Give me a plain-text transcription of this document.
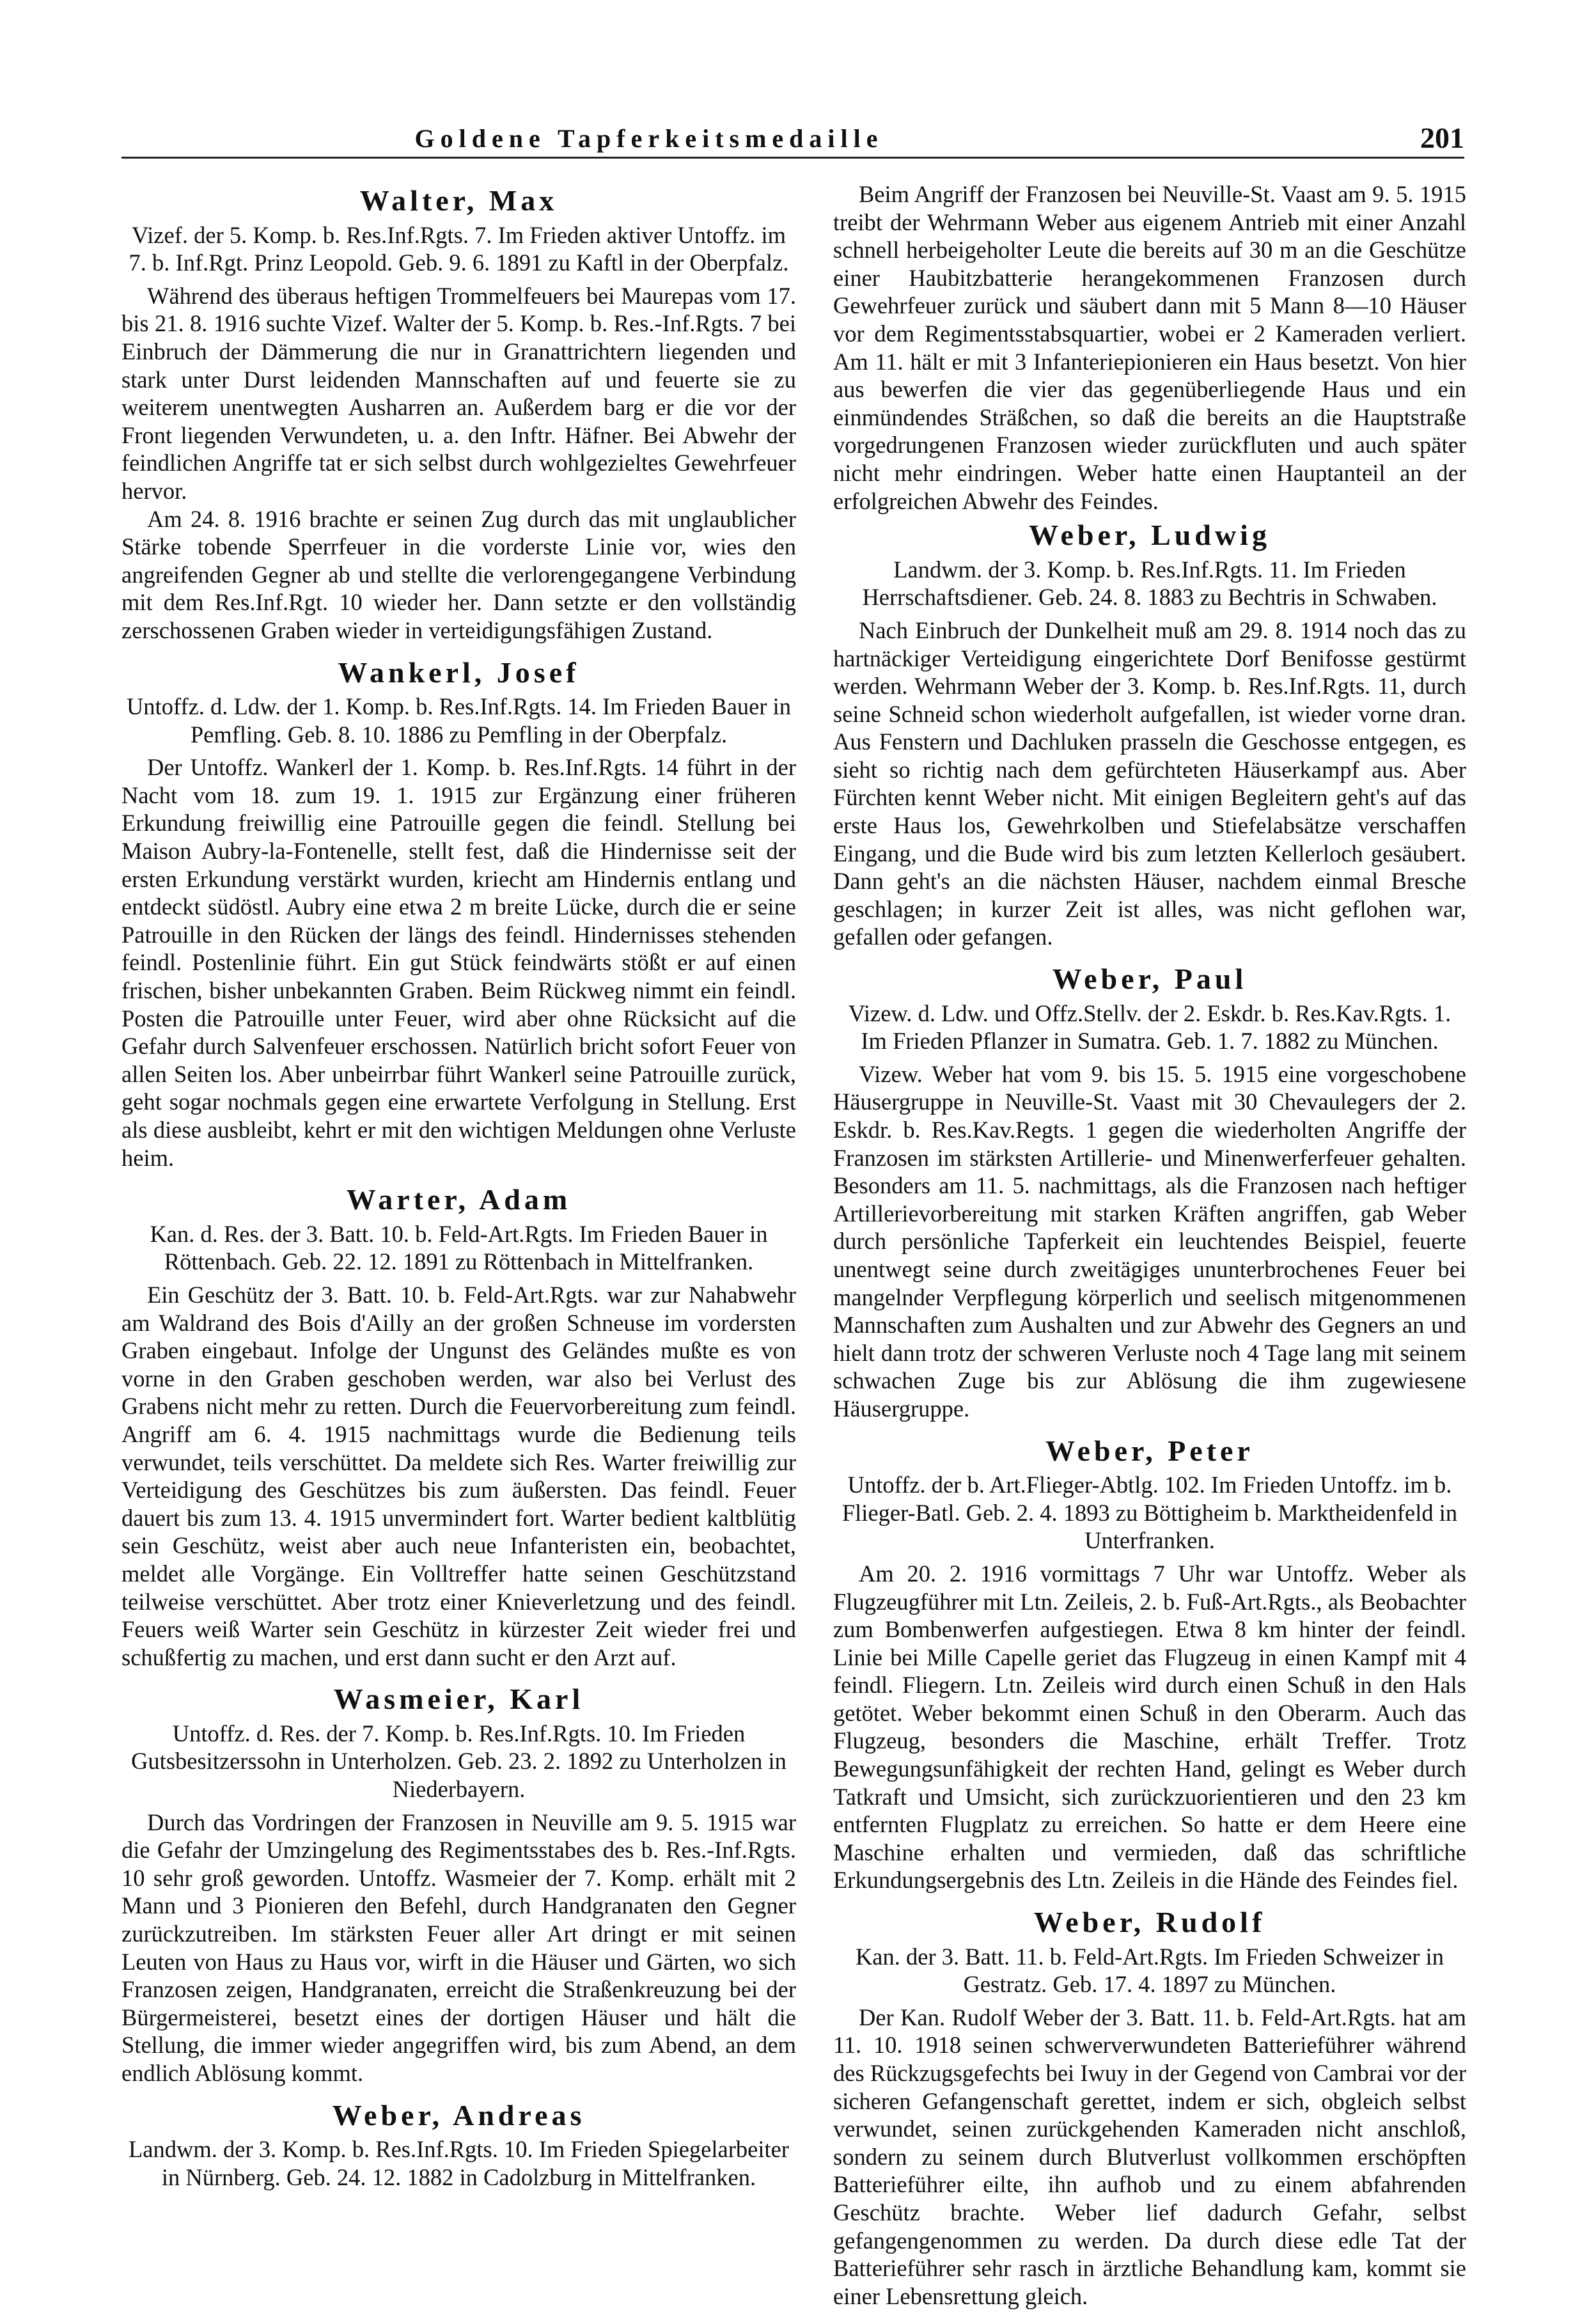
Goldene Tapferkeitsmedaille	201
Walter, Max
Vizef. der 5. Komp. b. Res.Inf.Rgts. 7. Im Frieden aktiver Untoffz. im 7. b. Inf.Rgt. Prinz Leopold. Geb. 9. 6. 1891 zu Kaftl in der Oberpfalz.

Während des überaus heftigen Trommelfeuers bei Maurepas vom 17. bis 21. 8. 1916 suchte Vizef. Walter der 5. Komp. b. Res.-Inf.Rgts. 7 bei Einbruch der Dämmerung die nur in Granattrichtern liegenden und stark unter Durst leidenden Mannschaften auf und feuerte sie zu weiterem unentwegten Ausharren an. Außerdem barg er die vor der Front liegenden Verwundeten, u. a. den Inftr. Häfner. Bei Abwehr der feindlichen Angriffe tat er sich selbst durch wohlgezieltes Gewehrfeuer hervor.

Am 24. 8. 1916 brachte er seinen Zug durch das mit unglaublicher Stärke tobende Sperrfeuer in die vorderste Linie vor, wies den angreifenden Gegner ab und stellte die verlorengegangene Verbindung mit dem Res.Inf.Rgt. 10 wieder her. Dann setzte er den vollständig zerschossenen Graben wieder in verteidigungsfähigen Zustand.

Wankerl, Josef
Untoffz. d. Ldw. der 1. Komp. b. Res.Inf.Rgts. 14. Im Frieden Bauer in Pemfling. Geb. 8. 10. 1886 zu Pemfling in der Oberpfalz.

Der Untoffz. Wankerl der 1. Komp. b. Res.Inf.Rgts. 14 führt in der Nacht vom 18. zum 19. 1. 1915 zur Ergänzung einer früheren Erkundung freiwillig eine Patrouille gegen die feindl. Stellung bei Maison Aubry-la-Fontenelle, stellt fest, daß die Hindernisse seit der ersten Erkundung verstärkt wurden, kriecht am Hindernis entlang und entdeckt südöstl. Aubry eine etwa 2 m breite Lücke, durch die er seine Patrouille in den Rücken der längs des feindl. Hindernisses stehenden feindl. Postenlinie führt. Ein gut Stück feindwärts stößt er auf einen frischen, bisher unbekannten Graben. Beim Rückweg nimmt ein feindl. Posten die Patrouille unter Feuer, wird aber ohne Rücksicht auf die Gefahr durch Salvenfeuer erschossen. Natürlich bricht sofort Feuer von allen Seiten los. Aber unbeirrbar führt Wankerl seine Patrouille zurück, geht sogar nochmals gegen eine erwartete Verfolgung in Stellung. Erst als diese ausbleibt, kehrt er mit den wichtigen Meldungen ohne Verluste heim.

Warter, Adam
Kan. d. Res. der 3. Batt. 10. b. Feld-Art.Rgts. Im Frieden Bauer in Röttenbach. Geb. 22. 12. 1891 zu Röttenbach in Mittelfranken.

Ein Geschütz der 3. Batt. 10. b. Feld-Art.Rgts. war zur Nahabwehr am Waldrand des Bois d'Ailly an der großen Schneuse im vordersten Graben eingebaut. Infolge der Ungunst des Geländes mußte es von vorne in den Graben geschoben werden, war also bei Verlust des Grabens nicht mehr zu retten. Durch die Feuervorbereitung zum feindl. Angriff am 6. 4. 1915 nachmittags wurde die Bedienung teils verwundet, teils verschüttet. Da meldete sich Res. Warter freiwillig zur Verteidigung des Geschützes bis zum äußersten. Das feindl. Feuer dauert bis zum 13. 4. 1915 unvermindert fort. Warter bedient kaltblütig sein Geschütz, weist aber auch neue Infanteristen ein, beobachtet, meldet alle Vorgänge. Ein Volltreffer hatte seinen Geschützstand teilweise verschüttet. Aber trotz einer Knieverletzung und des feindl. Feuers weiß Warter sein Geschütz in kürzester Zeit wieder frei und schußfertig zu machen, und erst dann sucht er den Arzt auf.

Wasmeier, Karl
Untoffz. d. Res. der 7. Komp. b. Res.Inf.Rgts. 10. Im Frieden Gutsbesitzerssohn in Unterholzen. Geb. 23. 2. 1892 zu Unterholzen in Niederbayern.

Durch das Vordringen der Franzosen in Neuville am 9. 5. 1915 war die Gefahr der Umzingelung des Regimentsstabes des b. Res.-Inf.Rgts. 10 sehr groß geworden. Untoffz. Wasmeier der 7. Komp. erhält mit 2 Mann und 3 Pionieren den Befehl, durch Handgranaten den Gegner zurückzutreiben. Im stärksten Feuer aller Art dringt er mit seinen Leuten von Haus zu Haus vor, wirft in die Häuser und Gärten, wo sich Franzosen zeigen, Handgranaten, erreicht die Straßenkreuzung bei der Bürgermeisterei, besetzt eines der dortigen Häuser und hält die Stellung, die immer wieder angegriffen wird, bis zum Abend, an dem endlich Ablösung kommt.

Weber, Andreas
Landwm. der 3. Komp. b. Res.Inf.Rgts. 10. Im Frieden Spiegelarbeiter in Nürnberg. Geb. 24. 12. 1882 in Cadolzburg in Mittelfranken.

Beim Angriff der Franzosen bei Neuville-St. Vaast am 9. 5. 1915 treibt der Wehrmann Weber aus eigenem Antrieb mit einer Anzahl schnell herbeigeholter Leute die bereits auf 30 m an die Geschütze einer Haubitzbatterie herangekommenen Franzosen durch Gewehrfeuer zurück und säubert dann mit 5 Mann 8—10 Häuser vor dem Regimentsstabsquartier, wobei er 2 Kameraden verliert. Am 11. hält er mit 3 Infanteriepionieren ein Haus besetzt. Von hier aus bewerfen die vier das gegenüberliegende Haus und ein einmündendes Sträßchen, so daß die bereits an die Hauptstraße vorgedrungenen Franzosen wieder zurückfluten und auch später nicht mehr eindringen. Weber hatte einen Hauptanteil an der erfolgreichen Abwehr des Feindes.

Weber, Ludwig
Landwm. der 3. Komp. b. Res.Inf.Rgts. 11. Im Frieden Herrschaftsdiener. Geb. 24. 8. 1883 zu Bechtris in Schwaben.

Nach Einbruch der Dunkelheit muß am 29. 8. 1914 noch das zu hartnäckiger Verteidigung eingerichtete Dorf Benifosse gestürmt werden. Wehrmann Weber der 3. Komp. b. Res.Inf.Rgts. 11, durch seine Schneid schon wiederholt aufgefallen, ist wieder vorne dran. Aus Fenstern und Dachluken prasseln die Geschosse entgegen, es sieht so richtig nach dem gefürchteten Häuserkampf aus. Aber Fürchten kennt Weber nicht. Mit einigen Begleitern geht's auf das erste Haus los, Gewehrkolben und Stiefelabsätze verschaffen Eingang, und die Bude wird bis zum letzten Kellerloch gesäubert. Dann geht's an die nächsten Häuser, nachdem einmal Bresche geschlagen; in kurzer Zeit ist alles, was nicht geflohen war, gefallen oder gefangen.

Weber, Paul
Vizew. d. Ldw. und Offz.Stellv. der 2. Eskdr. b. Res.Kav.Rgts. 1. Im Frieden Pflanzer in Sumatra. Geb. 1. 7. 1882 zu München.

Vizew. Weber hat vom 9. bis 15. 5. 1915 eine vorgeschobene Häusergruppe in Neuville-St. Vaast mit 30 Chevaulegers der 2. Eskdr. b. Res.Kav.Regts. 1 gegen die wiederholten Angriffe der Franzosen im stärksten Artillerie- und Minenwerferfeuer gehalten. Besonders am 11. 5. nachmittags, als die Franzosen nach heftiger Artillerievorbereitung mit starken Kräften angriffen, gab Weber durch persönliche Tapferkeit ein leuchtendes Beispiel, feuerte unentwegt seine durch zweitägiges ununterbrochenes Feuer bei mangelnder Verpflegung körperlich und seelisch mitgenommenen Mannschaften zum Aushalten und zur Abwehr des Gegners an und hielt dann trotz der schweren Verluste noch 4 Tage lang mit seinem schwachen Zuge bis zur Ablösung die ihm zugewiesene Häusergruppe.

Weber, Peter
Untoffz. der b. Art.Flieger-Abtlg. 102. Im Frieden Untoffz. im b. Flieger-Batl. Geb. 2. 4. 1893 zu Böttigheim b. Marktheidenfeld in Unterfranken.

Am 20. 2. 1916 vormittags 7 Uhr war Untoffz. Weber als Flugzeugführer mit Ltn. Zeileis, 2. b. Fuß-Art.Rgts., als Beobachter zum Bombenwerfen aufgestiegen. Etwa 8 km hinter der feindl. Linie bei Mille Capelle geriet das Flugzeug in einen Kampf mit 4 feindl. Fliegern. Ltn. Zeileis wird durch einen Schuß in den Hals getötet. Weber bekommt einen Schuß in den Oberarm. Auch das Flugzeug, besonders die Maschine, erhält Treffer. Trotz Bewegungsunfähigkeit der rechten Hand, gelingt es Weber durch Tatkraft und Umsicht, sich zurückzuorientieren und den 23 km entfernten Flugplatz zu erreichen. So hatte er dem Heere eine Maschine erhalten und vermieden, daß das schriftliche Erkundungsergebnis des Ltn. Zeileis in die Hände des Feindes fiel.

Weber, Rudolf
Kan. der 3. Batt. 11. b. Feld-Art.Rgts. Im Frieden Schweizer in Gestratz. Geb. 17. 4. 1897 zu München.

Der Kan. Rudolf Weber der 3. Batt. 11. b. Feld-Art.Rgts. hat am 11. 10. 1918 seinen schwerverwundeten Batterieführer während des Rückzugsgefechts bei Iwuy in der Gegend von Cambrai vor der sicheren Gefangenschaft gerettet, indem er sich, obgleich selbst verwundet, seinen zurückgehenden Kameraden nicht anschloß, sondern zu seinem durch Blutverlust vollkommen erschöpften Batterieführer eilte, ihn aufhob und zu einem abfahrenden Geschütz brachte. Weber lief dadurch Gefahr, selbst gefangengenommen zu werden. Da durch diese edle Tat der Batterieführer sehr rasch in ärztliche Behandlung kam, kommt sie einer Lebensrettung gleich.
